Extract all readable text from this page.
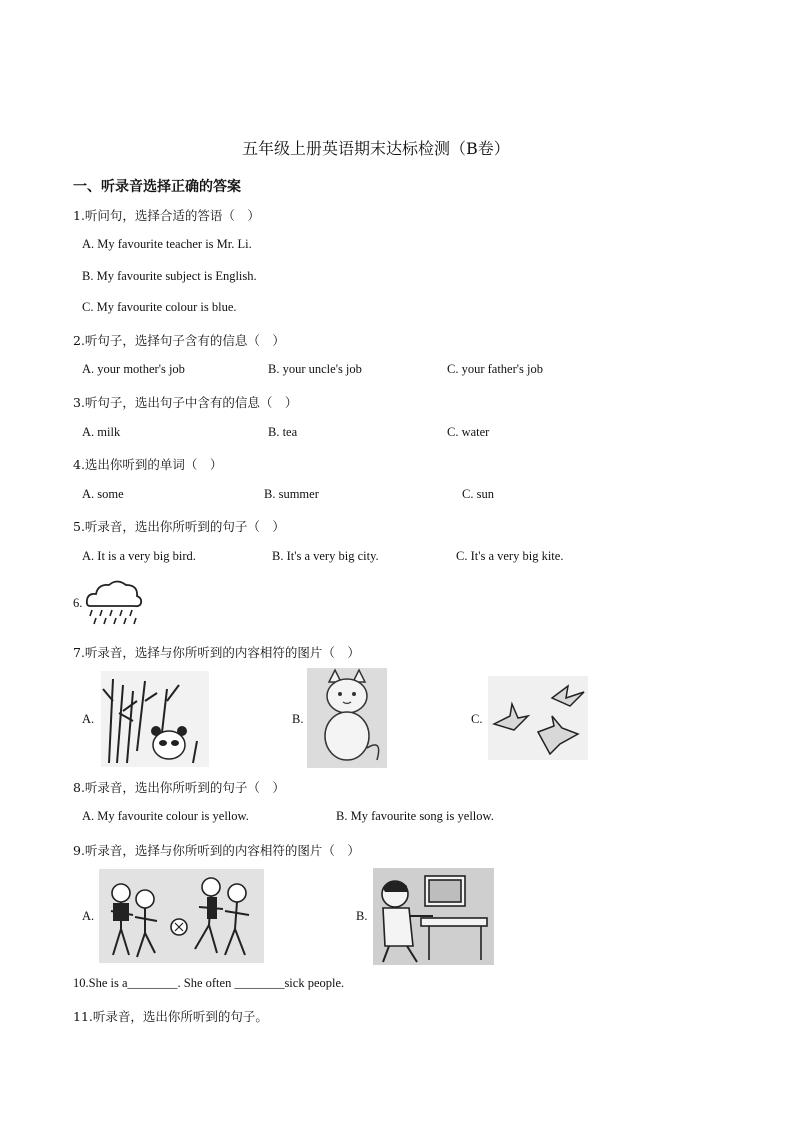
五年级上册英语期末达标检测（B卷）
一、听录音选择正确的答案
1.听问句，选择合适的答语（　）
A. My favourite teacher is Mr. Li.
B. My favourite subject is English.
C. My favourite colour is blue.
2.听句子，选择句子含有的信息（　）
A. your mother's job	B. your uncle's job	C. your father's job
3.听句子，选出句子中含有的信息（　）
A. milk	B. tea	C. water
4.选出你听到的单词（　）
A. some	B. summer	C. sun
5.听录音，选出你所听到的句子（　）
A. It is a very big bird.	B. It's a very big city.	C. It's a very big kite.
6.
7.听录音，选择与你所听到的内容相符的图片（　）
A.	B.	C.
8.听录音，选出你所听到的句子（　）
A. My favourite colour is yellow.	B. My favourite song is yellow.
9.听录音，选择与你所听到的内容相符的图片（　）
A.	B.
10.She is a________. She often ________sick people.
11.听录音，选出你所听到的句子。
